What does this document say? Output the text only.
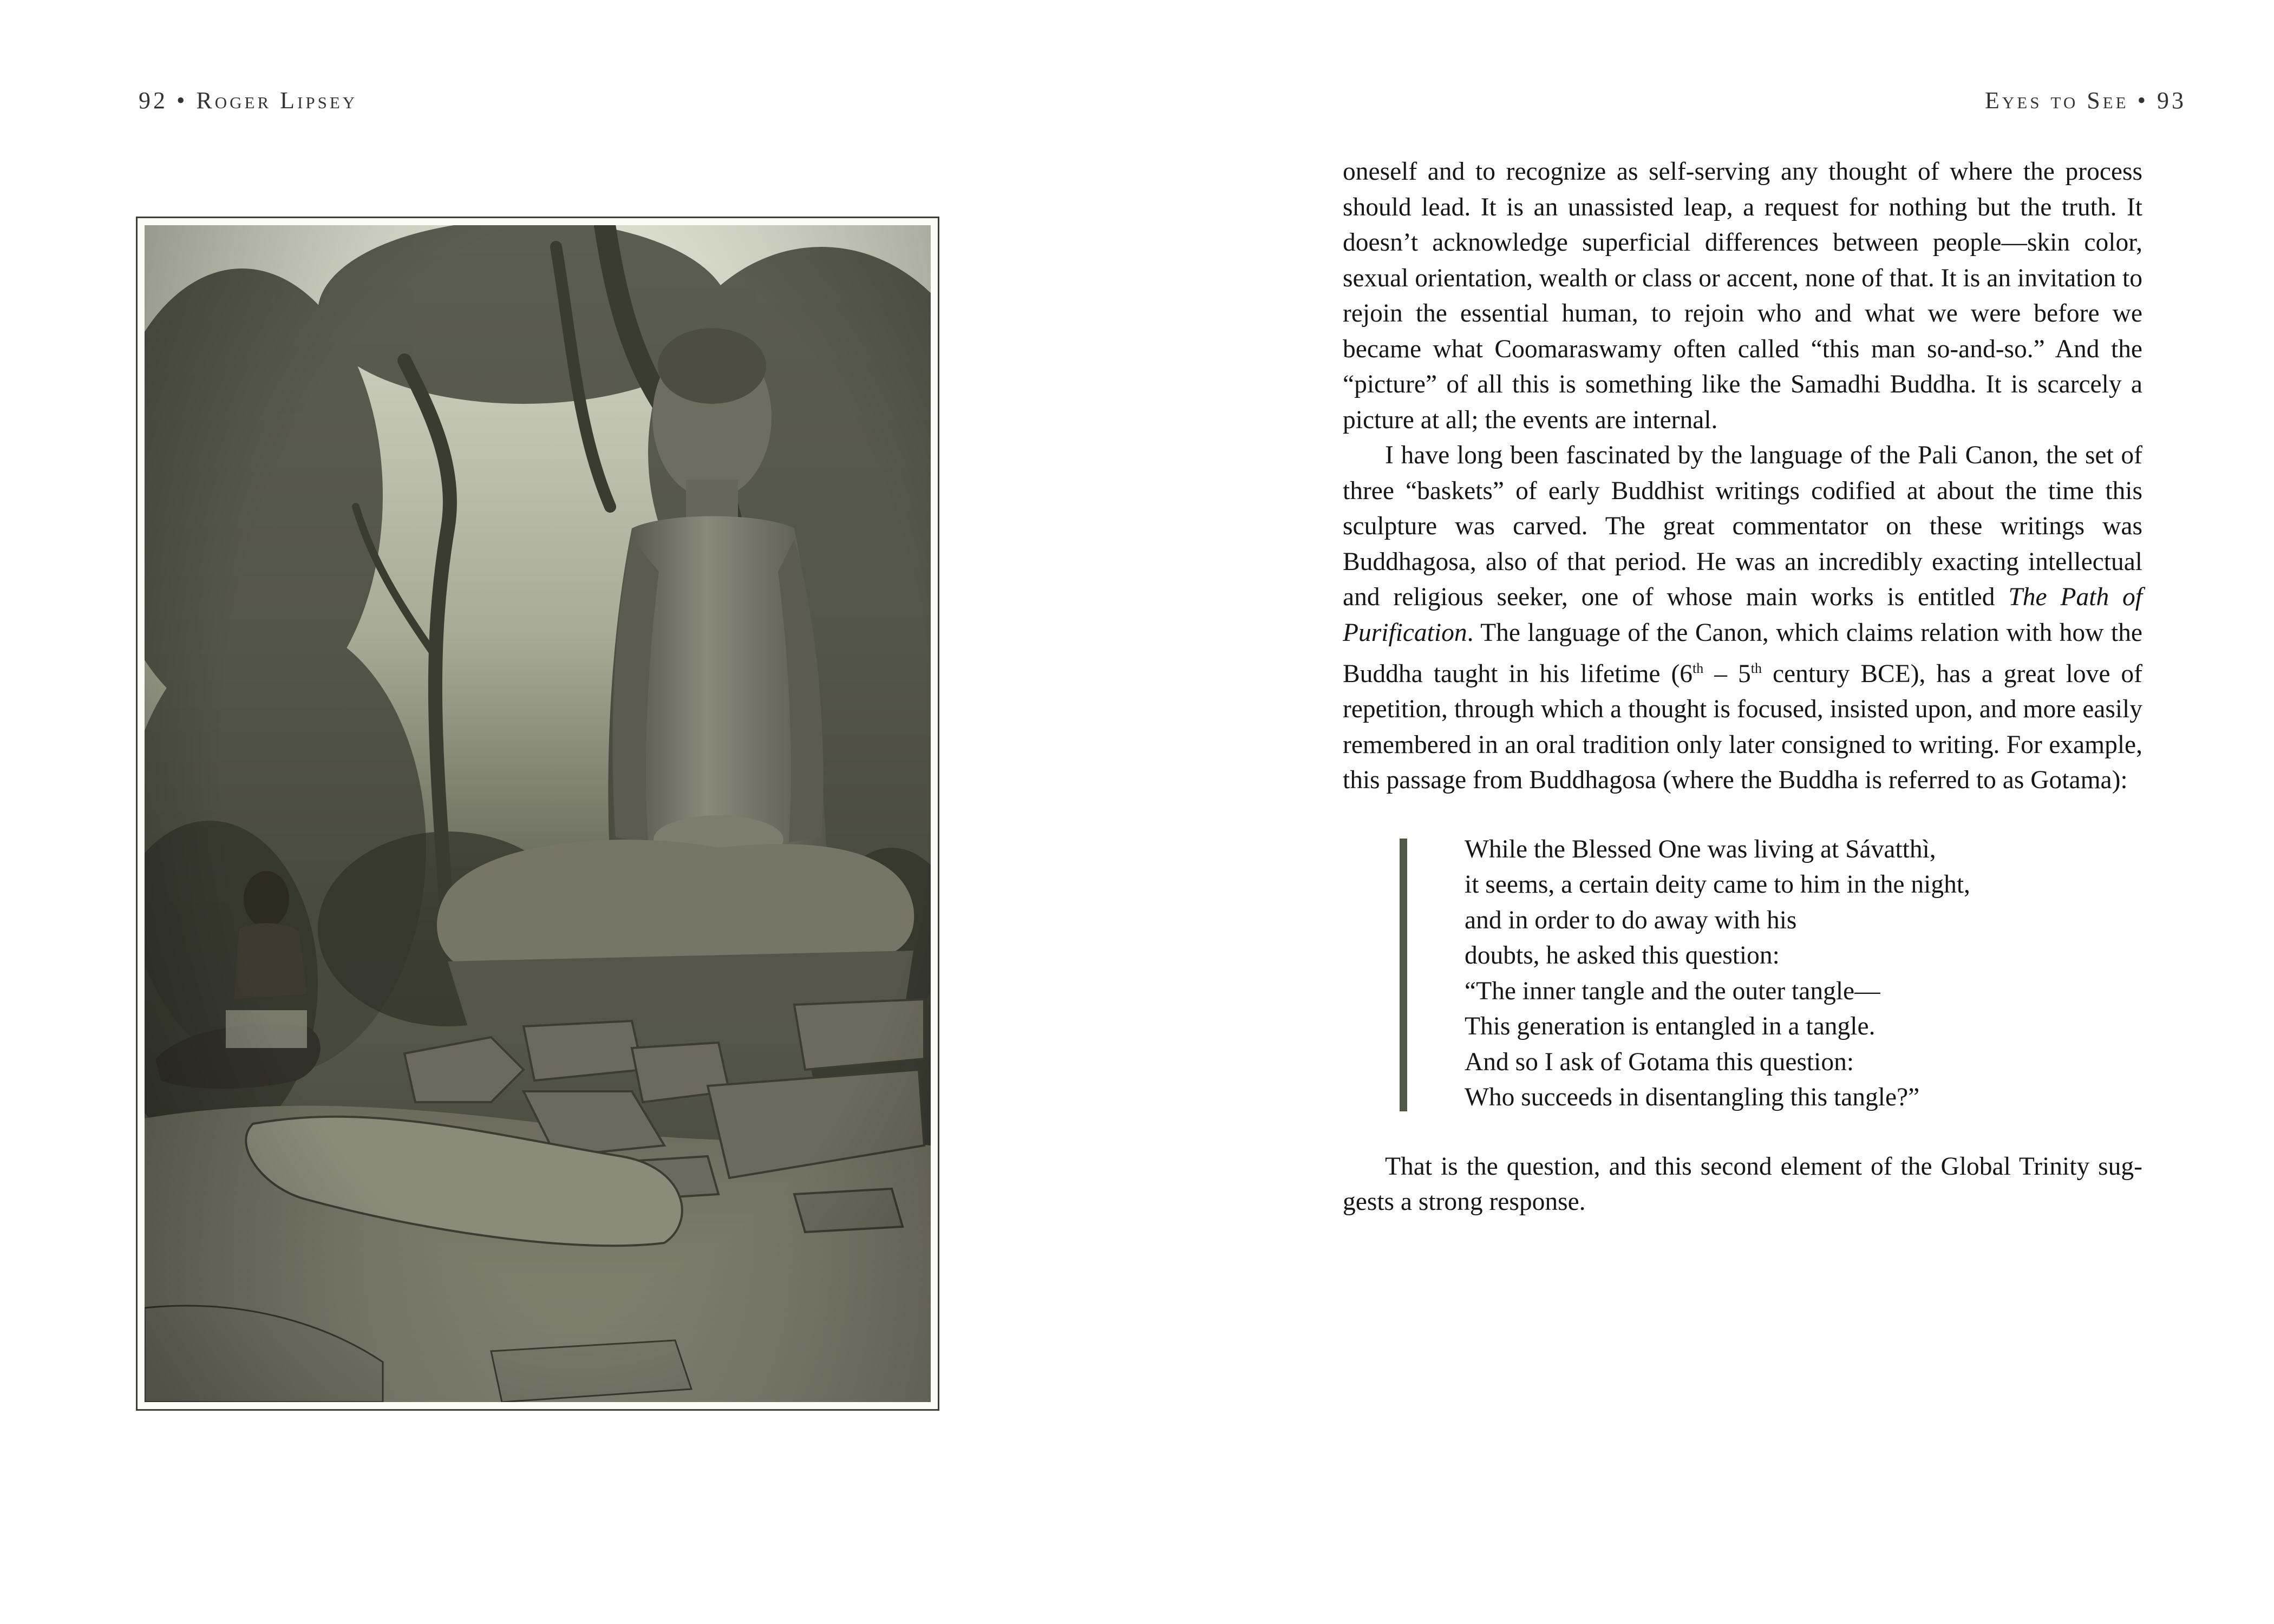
92 • Roger Lipsey	Eyes to See • 93

oneself and to recognize as self-serving any thought of where the process should lead. It is an unassisted leap, a request for nothing but the truth. It doesn’t acknowledge superficial differences between people—skin color, sexual orientation, wealth or class or accent, none of that. It is an invitation to rejoin the essential human, to rejoin who and what we were before we became what Coomaraswamy often called “this man so-and-so.” And the “picture” of all this is something like the Samadhi Buddha. It is scarcely a picture at all; the events are internal.

I have long been fascinated by the language of the Pali Canon, the set of three “baskets” of early Buddhist writings codified at about the time this sculpture was carved. The great commentator on these writings was Buddhagosa, also of that period. He was an incredibly exacting intellectual and religious seeker, one of whose main works is entitled The Path of Purification. The language of the Canon, which claims relation with how the Buddha taught in his lifetime (6th – 5th century BCE), has a great love of repetition, through which a thought is focused, insisted upon, and more easily remembered in an oral tradition only later consigned to writing. For example, this passage from Buddhagosa (where the Buddha is referred to as Gotama):

While the Blessed One was living at Sávatthì,
it seems, a certain deity came to him in the night,
and in order to do away with his
doubts, he asked this question:
“The inner tangle and the outer tangle—
This generation is entangled in a tangle.
And so I ask of Gotama this question:
Who succeeds in disentangling this tangle?”

That is the question, and this second element of the Global Trinity suggests a strong response.
